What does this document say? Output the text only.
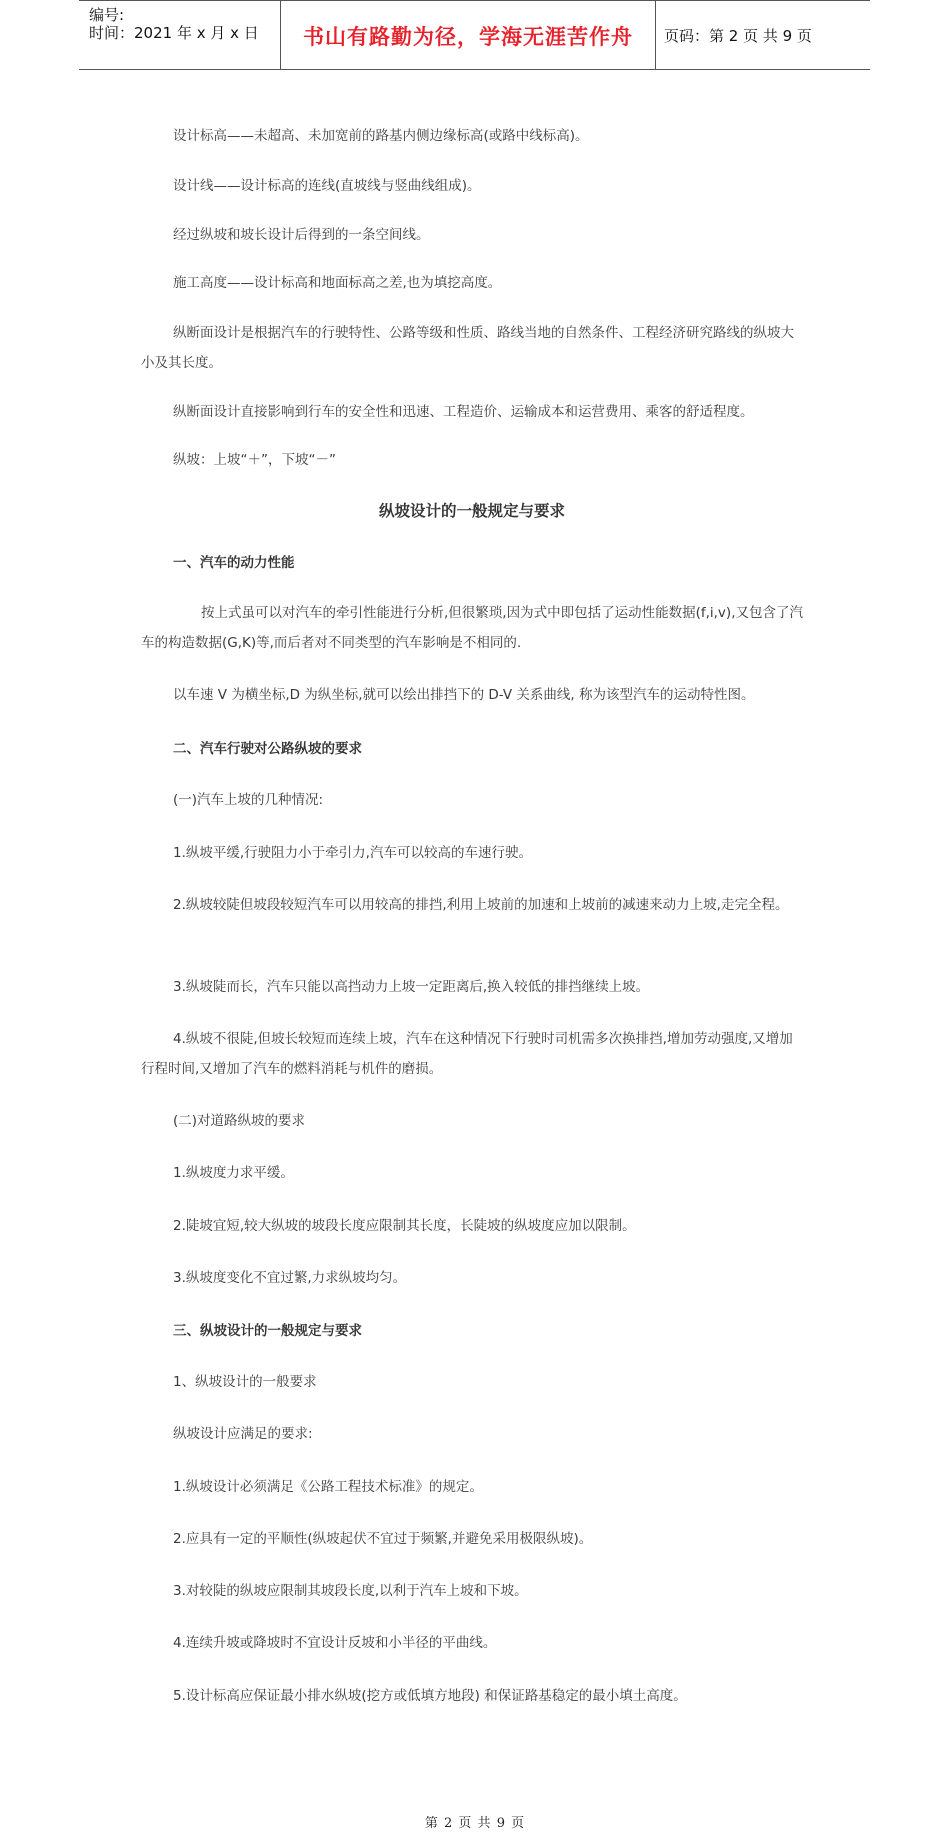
编号:
时间：2021 年 x 月 x 日	书山有路勤为径，学海无涯苦作舟	页码：第 2 页 共 9 页
设计标高——未超高、未加宽前的路基内侧边缘标高(或路中线标高)。
设计线——设计标高的连线(直坡线与竖曲线组成)。
经过纵坡和坡长设计后得到的一条空间线。
施工高度——设计标高和地面标高之差,也为填挖高度。
纵断面设计是根据汽车的行驶特性、公路等级和性质、路线当地的自然条件、工程经济研究路线的纵坡大小及其长度。
纵断面设计直接影响到行车的安全性和迅速、工程造价、运输成本和运营费用、乘客的舒适程度。
纵坡：上坡“＋”，下坡“－”
纵坡设计的一般规定与要求
一、汽车的动力性能
按上式虽可以对汽车的牵引性能进行分析,但很繁琐,因为式中即包括了运动性能数据(f,i,v),又包含了汽车的构造数据(G,K)等,而后者对不同类型的汽车影响是不相同的.
以车速 V 为横坐标,D 为纵坐标,就可以绘出排挡下的 D-V 关系曲线, 称为该型汽车的运动特性图。
二、汽车行驶对公路纵坡的要求
(一)汽车上坡的几种情况:
1.纵坡平缓,行驶阻力小于牵引力,汽车可以较高的车速行驶。
2.纵坡较陡但坡段较短汽车可以用较高的排挡,利用上坡前的加速和上坡前的减速来动力上坡,走完全程。
3.纵坡陡而长，汽车只能以高挡动力上坡一定距离后,换入较低的排挡继续上坡。
4.纵坡不很陡,但坡长较短而连续上坡，汽车在这种情况下行驶时司机需多次换排挡,增加劳动强度,又增加行程时间,又增加了汽车的燃料消耗与机件的磨损。
(二)对道路纵坡的要求
1.纵坡度力求平缓。
2.陡坡宜短,较大纵坡的坡段长度应限制其长度，长陡坡的纵坡度应加以限制。
3.纵坡度变化不宜过繁,力求纵坡均匀。
三、纵坡设计的一般规定与要求
1、纵坡设计的一般要求
纵坡设计应满足的要求:
1.纵坡设计必须满足《公路工程技术标准》的规定。
2.应具有一定的平顺性(纵坡起伏不宜过于频繁,并避免采用极限纵坡)。
3.对较陡的纵坡应限制其坡段长度,以利于汽车上坡和下坡。
4.连续升坡或降坡时不宜设计反坡和小半径的平曲线。
5.设计标高应保证最小排水纵坡(挖方或低填方地段) 和保证路基稳定的最小填土高度。
第 2 页 共 9 页
